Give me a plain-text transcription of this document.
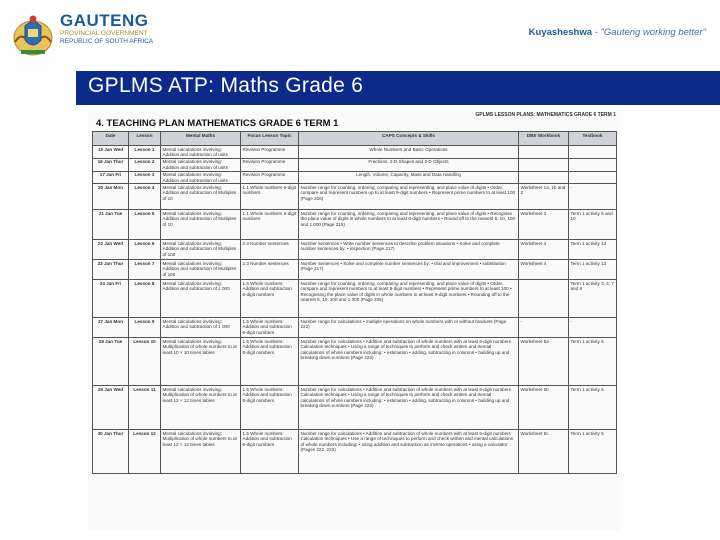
GAUTENG
PROVINCIAL GOVERNMENT
REPUBLIC OF SOUTH AFRICA
Kuyasheshwa - "Gauteng working better"
GPLMS ATP: Maths Grade 6
GPLMS LESSON PLANS: MATHEMATICS GRADE 6 TERM 1
4. TEACHING PLAN MATHEMATICS GRADE 6 TERM 1
Date	Lesson	Mental Maths	Focus Lesson Topic	CAPS Concepts & Skills	DBE Workbook	Textbook
15 Jan Wed	Lesson 1	Mental calculations involving: Addition and subtraction of units	Revision Programme	Whole Numbers and Basic Operations		
16 Jan Thur	Lesson 2	Mental calculations involving: Addition and subtraction of units	Revision Programme	Fractions, 2-D Shapes and 3-D Objects		
17 Jan Fri	Lesson 3	Mental calculations involving: Addition and subtraction of units	Revision Programme	Length, Volume, Capacity, Mass and Data Handling		
20 Jan Mon	Lesson 4	Mental calculations involving: Addition and subtraction of Multiples of 10	1.1 Whole numbers 6-digit numbers	Number range for counting, ordering, comparing and representing, and place value of digits • Order, compare and represent numbers up to at least 9-digit numbers • Represent prime numbers to at least 100 (Page 206)	Worksheet 1a, 1b and 2	-
21 Jan Tue	Lesson 5	Mental calculations involving: Addition and subtraction of Multiples of 10	1.1 Whole numbers 6-digit numbers	Number range for counting, ordering, comparing and representing, and place value of digits • Recognise the place value of digits in whole numbers to at least 9-digit numbers • Round off to the nearest 5, 10, 100 and 1 000 (Page 215)	Worksheet 3	Term 1 activity 5 and 10
22 Jan Wed	Lesson 6	Mental calculations involving: Addition and subtraction of Multiples of 100	2.3 Number sentences	Number sentences • Write number sentences to describe problem situations • Solve and complete number sentences by: • inspection (Page 217)	Worksheet 4	Term 1 activity 13
23 Jan Thur	Lesson 7	Mental calculations involving: Addition and subtraction of Multiples of 100	2.3 Number sentences	Number sentences • Solve and complete number sentences by: • trial and improvement • substitution (Page 217)	Worksheet 4	Term 1 activity 13
24 Jan Fri	Lesson 8	Mental calculations involving: Addition and subtraction of 1 000	1.5 Whole numbers: Addition and subtraction 6-digit numbers	Number range for counting, ordering, comparing and representing, and place value of digits • Order, compare and represent numbers to at least 9-digit numbers • Represent prime numbers to at least 100 • Recognising the place value of digits in whole numbers to at least 9-digit numbers • Rounding off to the nearest 5, 10, 100 and 1 000 (Page 205)		Term 1 activity 3, 4, 7 and 8
27 Jan Mon	Lesson 9	Mental calculations involving: Addition and subtraction of 1 000	1.5 Whole numbers: Addition and subtraction 6-digit numbers	Number range for calculations • multiple operations on whole numbers with or without brackets (Page 222)	-	-
28 Jan Tue	Lesson 10	Mental calculations involving: Multiplication of whole numbers to at least 10 × 10 times tables	1.5 Whole numbers: Addition and subtraction 6-digit numbers	Number range for calculations • Addition and subtraction of whole numbers with at least 6-digit numbers Calculation techniques • Using a range of techniques to perform and check written and mental calculations of whole numbers including: • estimation • adding, subtracting in columns • building up and breaking down numbers (Page 222)	Worksheet 5a	Term 1 activity 6
29 Jan Wed	Lesson 11	Mental calculations involving: Multiplication of whole numbers to at least 12 × 12 times tables	1.5 Whole numbers: Addition and subtraction 6-digit numbers	Number range for calculations • Addition and subtraction of whole numbers with at least 6-digit numbers Calculation techniques • Using a range of techniques to perform and check written and mental calculations of whole numbers including: • estimation • adding, subtracting in columns • building up and breaking down numbers (Page 222)	Worksheet 5b	Term 1 activity 5
30 Jan Thur	Lesson 12	Mental calculations involving: Multiplication of whole numbers to at least 12 × 12 times tables	1.5 Whole numbers: Addition and subtraction 6-digit numbers	Number range for calculations • Addition and subtraction of whole numbers with at least 6-digit numbers Calculation techniques • Use a range of techniques to perform and check written and mental calculations of whole numbers including: • using addition and subtraction as inverse operations • using a calculator (Pages 222, 223)	Worksheet 5c	Term 1 activity 5
